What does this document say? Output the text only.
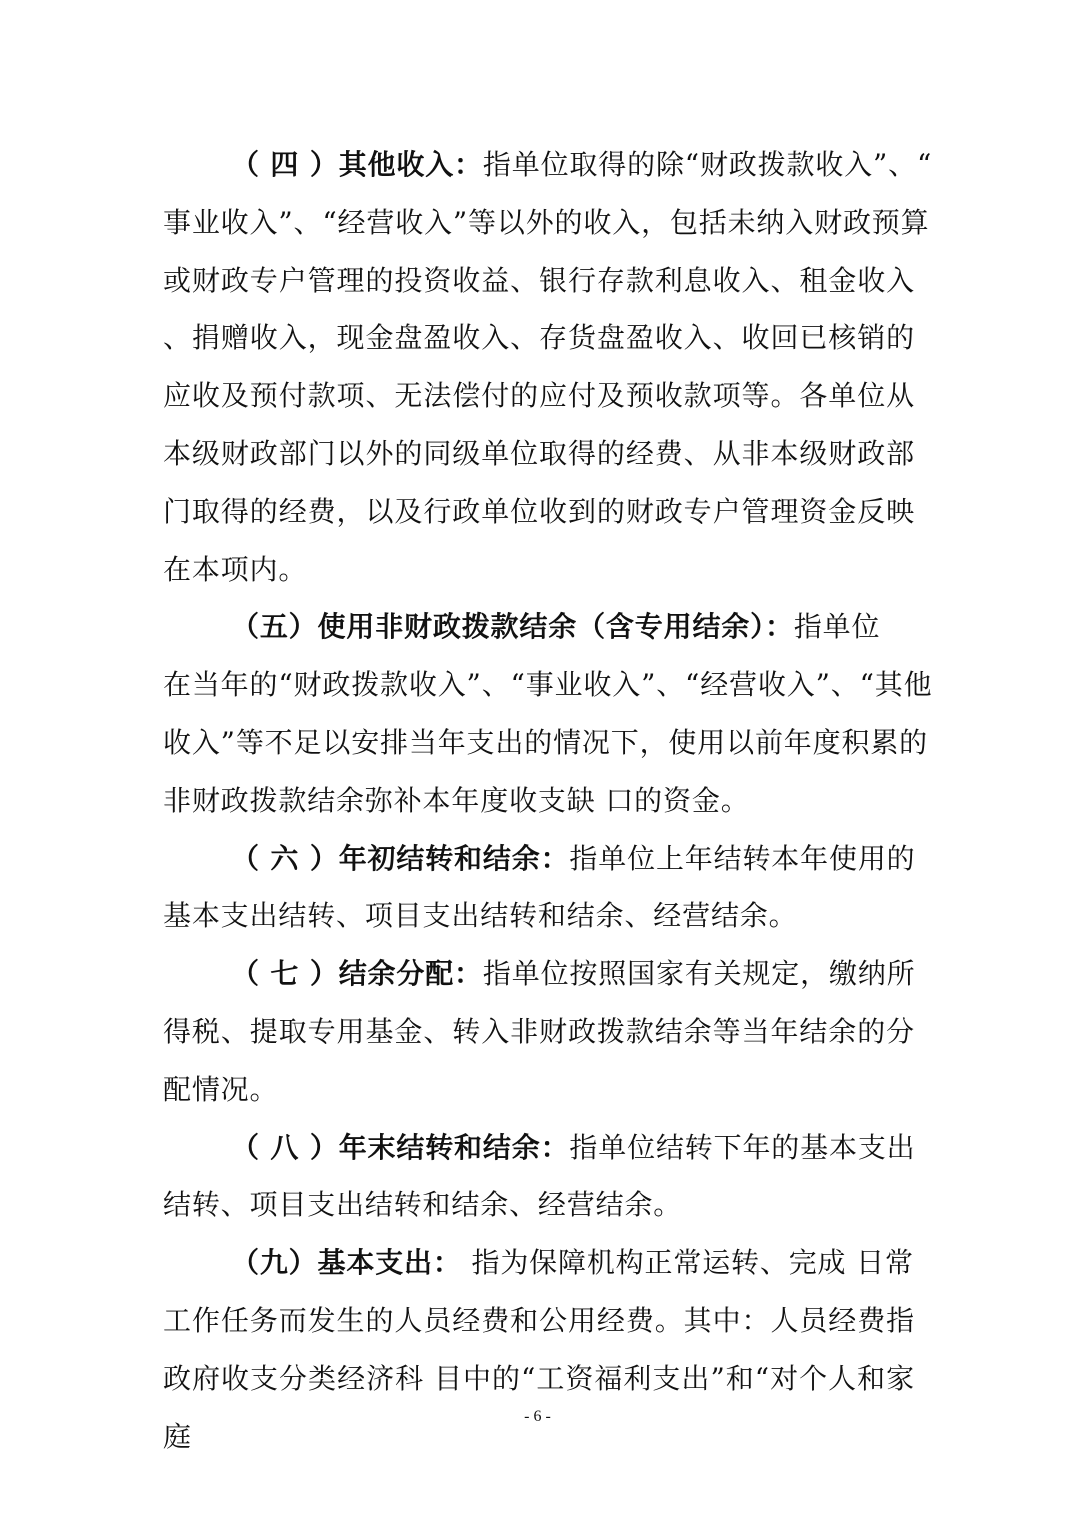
（ 四 ）其他收入：指单位取得的除“财政拨款收入”、“
事业收入”、“经营收入”等以外的收入，包括未纳入财政预算
或财政专户管理的投资收益、银行存款利息收入、租金收入
、捐赠收入，现金盘盈收入、存货盘盈收入、收回已核销的
应收及预付款项、无法偿付的应付及预收款项等。各单位从
本级财政部门以外的同级单位取得的经费、从非本级财政部
门取得的经费，以及行政单位收到的财政专户管理资金反映
在本项内。
（五）使用非财政拨款结余（含专用结余）：指单位
在当年的“财政拨款收入”、“事业收入”、“经营收入”、“其他
收入”等不足以安排当年支出的情况下，使用以前年度积累的
非财政拨款结余弥补本年度收支缺 口的资金。
（ 六 ）年初结转和结余：指单位上年结转本年使用的
基本支出结转、项目支出结转和结余、经营结余。
（ 七 ）结余分配：指单位按照国家有关规定，缴纳所
得税、提取专用基金、转入非财政拨款结余等当年结余的分
配情况。
（ 八 ）年末结转和结余：指单位结转下年的基本支出
结转、项目支出结转和结余、经营结余。
（九）基本支出： 指为保障机构正常运转、完成 日常
工作任务而发生的人员经费和公用经费。其中：人员经费指
政府收支分类经济科 目中的“工资福利支出”和“对个人和家
庭
- 6 -
